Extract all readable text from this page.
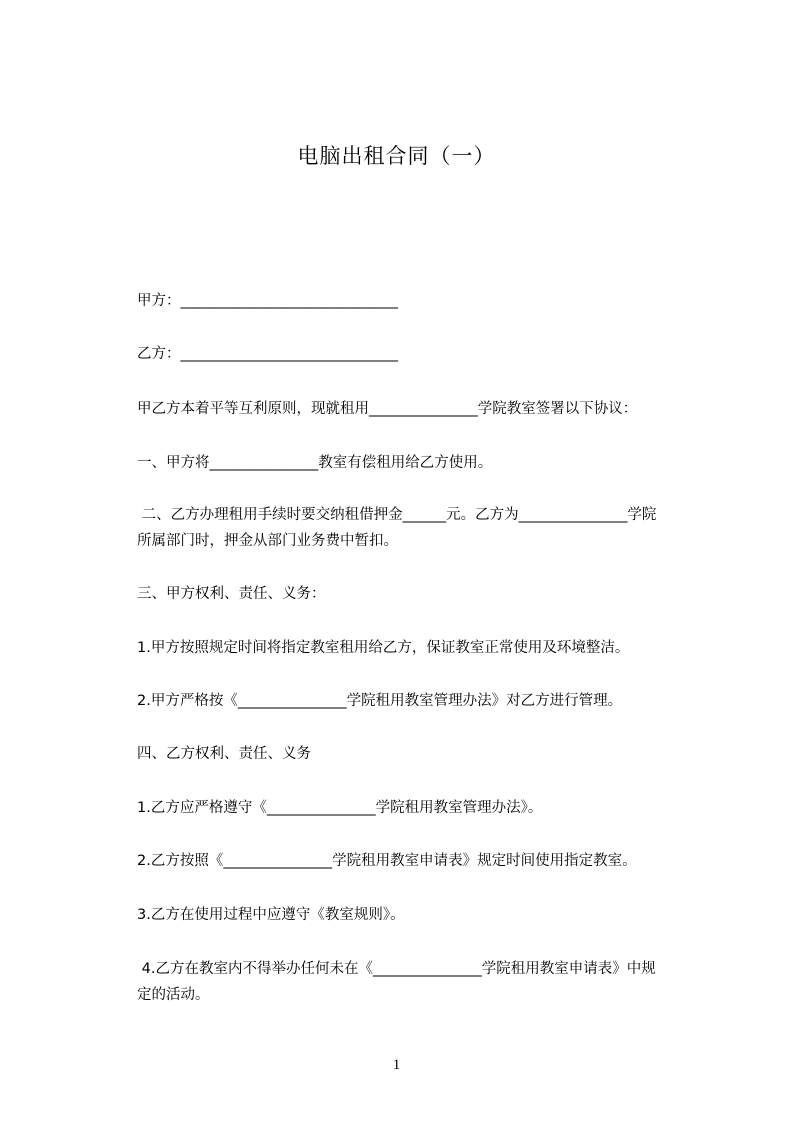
电脑出租合同（一）
甲方：______________________________
乙方：______________________________
甲乙方本着平等互利原则，现就租用_______________学院教室签署以下协议：
一、甲方将_______________教室有偿租用给乙方使用。
二、乙方办理租用手续时要交纳租借押金______元。乙方为_______________学院
所属部门时，押金从部门业务费中暂扣。
三、甲方权利、责任、义务：
1.甲方按照规定时间将指定教室租用给乙方，保证教室正常使用及环境整洁。
2.甲方严格按《_______________学院租用教室管理办法》对乙方进行管理。
四、乙方权利、责任、义务
1.乙方应严格遵守《_______________学院租用教室管理办法》。
2.乙方按照《_______________学院租用教室申请表》规定时间使用指定教室。
3.乙方在使用过程中应遵守《教室规则》。
4.乙方在教室内不得举办任何未在《_______________学院租用教室申请表》中规
定的活动。
1
